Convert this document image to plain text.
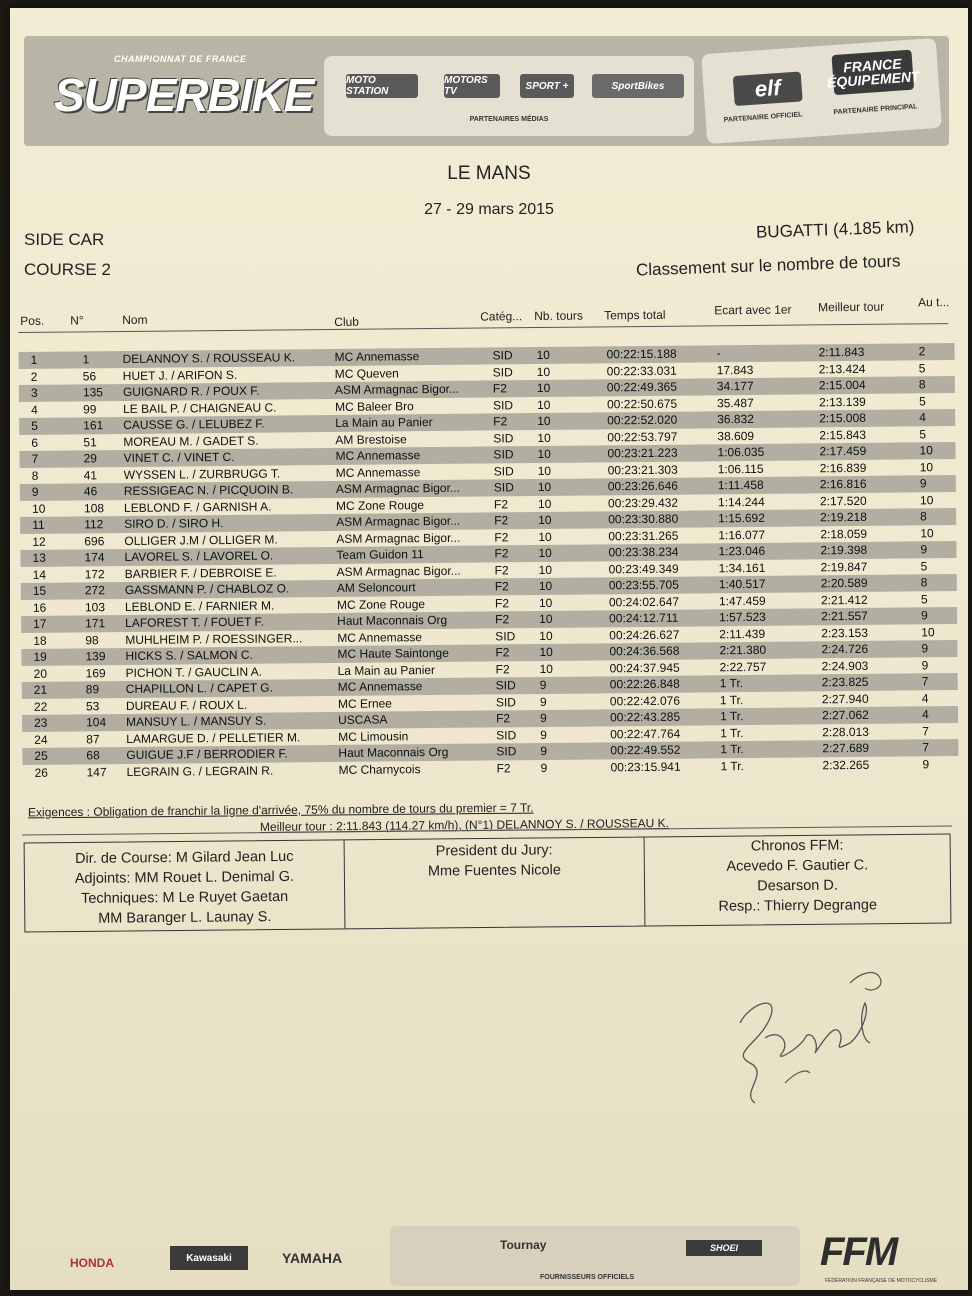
CHAMPIONNAT DE FRANCE
SUPERBIKE	MOTO STATION
MOTORS TV	SPORT +	SportBikes
PARTENAIRES MÉDIAS
elf
FRANCE ÉQUIPEMENT
PARTENAIRE OFFICIEL
PARTENAIRE PRINCIPAL
LE MANS
27 - 29 mars 2015
SIDE CAR
COURSE 2
BUGATTI (4.185 km)
Classement sur le nombre de tours
Pos. N°	Nom	Club	Catég... Nb. tours Temps total	Ecart avec 1er Meilleur tour	Au t...
1	1	DELANNOY S. / ROUSSEAU K.	MC Annemasse	SID 10	00:22:15.188	-	2:11.843	2
2	56 HUET J. / ARIFON S.	MC Queven	SID 10	00:22:33.031	17.843	2:13.424	5
3	135 GUIGNARD R. / POUX F.	ASM Armagnac Bigor...	F2 10	00:22:49.365	34.177	2:15.004	8
4	99 LE BAIL P. / CHAIGNEAU C.	MC Baleer Bro	SID 10	00:22:50.675	35.487	2:13.139	5
5	161 CAUSSE G. / LELUBEZ F.	La Main au Panier	F2 10	00:22:52.020	36.832	2:15.008	4
6	51 MOREAU M. / GADET S.	AM Brestoise	SID 10	00:22:53.797	38.609	2:15.843	5
7	29 VINET C. / VINET C.	MC Annemasse	SID 10	00:23:21.223	1:06.035	2:17.459	10
8	41 WYSSEN L. / ZURBRUGG T.	MC Annemasse	SID 10	00:23:21.303	1:06.115	2:16.839	10
9	46 RESSIGEAC N. / PICQUOIN B.	ASM Armagnac Bigor...	SID 10	00:23:26.646	1:11.458	2:16.816	9
10	108 LEBLOND F. / GARNISH A.	MC Zone Rouge	F2 10	00:23:29.432	1:14.244	2:17.520	10
11	112 SIRO D. / SIRO H.	ASM Armagnac Bigor...	F2 10	00:23:30.880	1:15.692	2:19.218	8
12	696 OLLIGER J.M / OLLIGER M.	ASM Armagnac Bigor...	F2 10	00:23:31.265	1:16.077	2:18.059	10
13	174 LAVOREL S. / LAVOREL O.	Team Guidon 11	F2 10	00:23:38.234	1:23.046	2:19.398	9
14	172 BARBIER F. / DEBROISE E.	ASM Armagnac Bigor...	F2 10	00:23:49.349	1:34.161	2:19.847	5
15	272 GASSMANN P. / CHABLOZ O.	AM Seloncourt	F2 10	00:23:55.705	1:40.517	2:20.589	8
16	103 LEBLOND E. / FARNIER M.	MC Zone Rouge	F2 10	00:24:02.647	1:47.459	2:21.412	5
17	171 LAFOREST T. / FOUET F.	Haut Maconnais Org	F2 10	00:24:12.711	1:57.523	2:21.557	9
18	98 MUHLHEIM P. / ROESSINGER...	MC Annemasse	SID 10	00:24:26.627	2:11.439	2:23.153	10
19	139 HICKS S. / SALMON C.	MC Haute Saintonge	F2 10	00:24:36.568	2:21.380	2:24.726	9
20	169 PICHON T. / GAUCLIN A.	La Main au Panier	F2 10	00:24:37.945	2:22.757	2:24.903	9
21	89 CHAPILLON L. / CAPET G.	MC Annemasse	SID 9	00:22:26.848	1 Tr.	2:23.825	7
22	53 DUREAU F. / ROUX L.	MC Ernee	SID 9	00:22:42.076	1 Tr.	2:27.940	4
23	104 MANSUY L. / MANSUY S.	USCASA	F2 9	00:22:43.285	1 Tr.	2:27.062	4
24	87 LAMARGUE D. / PELLETIER M.	MC Limousin	SID 9	00:22:47.764	1 Tr.	2:28.013	7
25	68 GUIGUE J.F / BERRODIER F.	Haut Maconnais Org	SID 9	00:22:49.552	1 Tr.	2:27.689	7
26	147 LEGRAIN G. / LEGRAIN R.	MC Charnycois	F2 9	00:23:15.941	1 Tr.	2:32.265	9
Exigences : Obligation de franchir la ligne d'arrivée, 75% du nombre de tours du premier = 7 Tr.
Meilleur tour : 2:11.843 (114.27 km/h), (N°1) DELANNOY S. / ROUSSEAU K.
Dir. de Course: M Gilard Jean Luc
Adjoints: MM Rouet L. Denimal G.
Techniques: M Le Ruyet Gaetan
MM Baranger L. Launay S.
President du Jury:
Mme Fuentes Nicole
Chronos FFM:
Acevedo F. Gautier C.
Desarson D.
Resp.: Thierry Degrange
HONDA	Kawasaki	YAMAHA
Tournay	SHOEI
FOURNISSEURS OFFICIELS
FFM
FÉDÉRATION FRANÇAISE DE MOTOCYCLISME
